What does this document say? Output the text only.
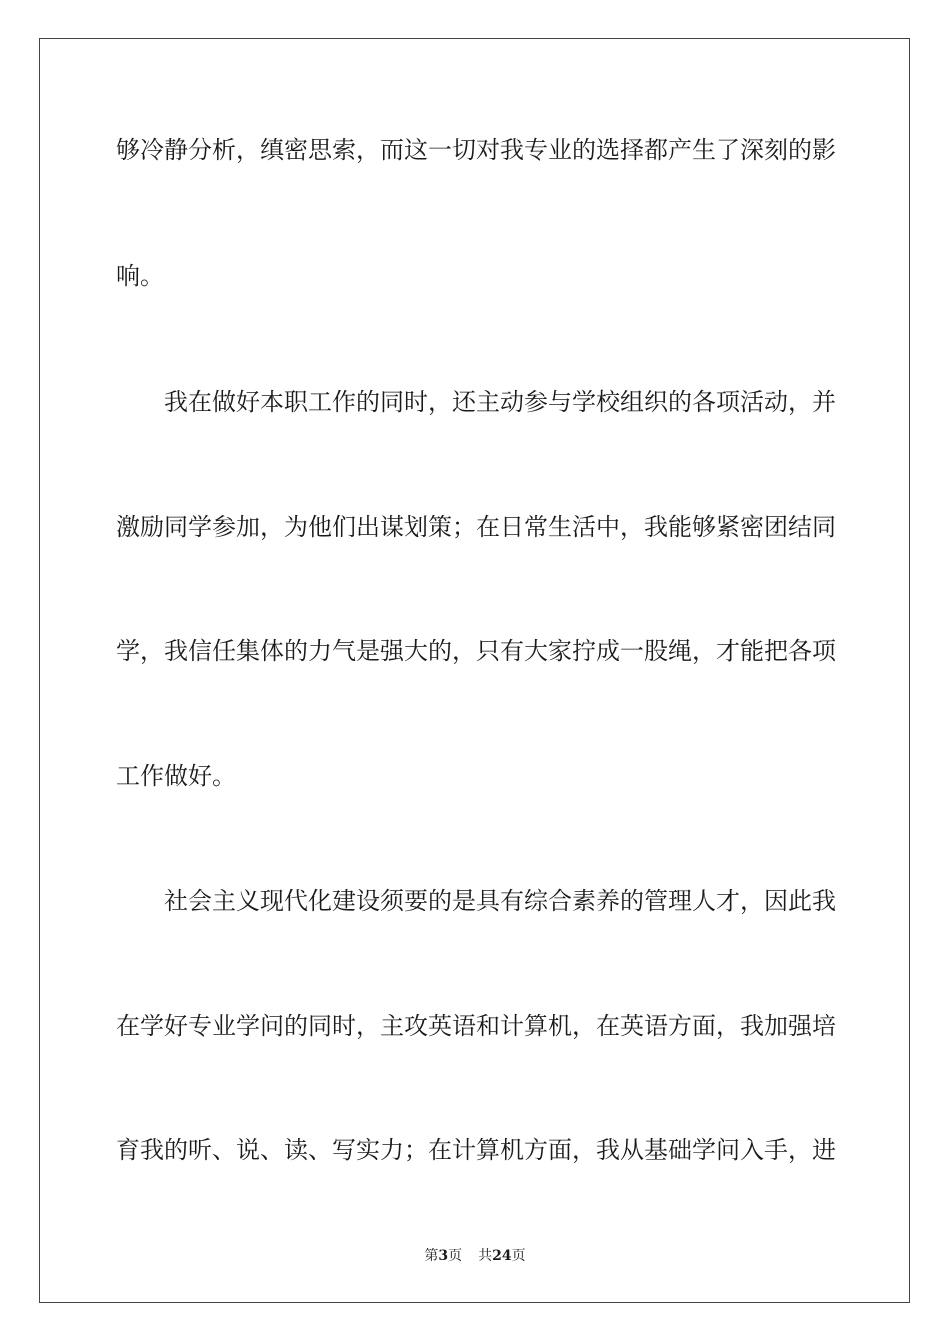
够冷静分析，缜密思索，而这一切对我专业的选择都产生了深刻的影
响。
我在做好本职工作的同时，还主动参与学校组织的各项活动，并
激励同学参加，为他们出谋划策；在日常生活中，我能够紧密团结同
学，我信任集体的力气是强大的，只有大家拧成一股绳，才能把各项
工作做好。
社会主义现代化建设须要的是具有综合素养的管理人才，因此我
在学好专业学问的同时，主攻英语和计算机，在英语方面，我加强培
育我的听、说、读、写实力；在计算机方面，我从基础学问入手，进
第3页 共24页
